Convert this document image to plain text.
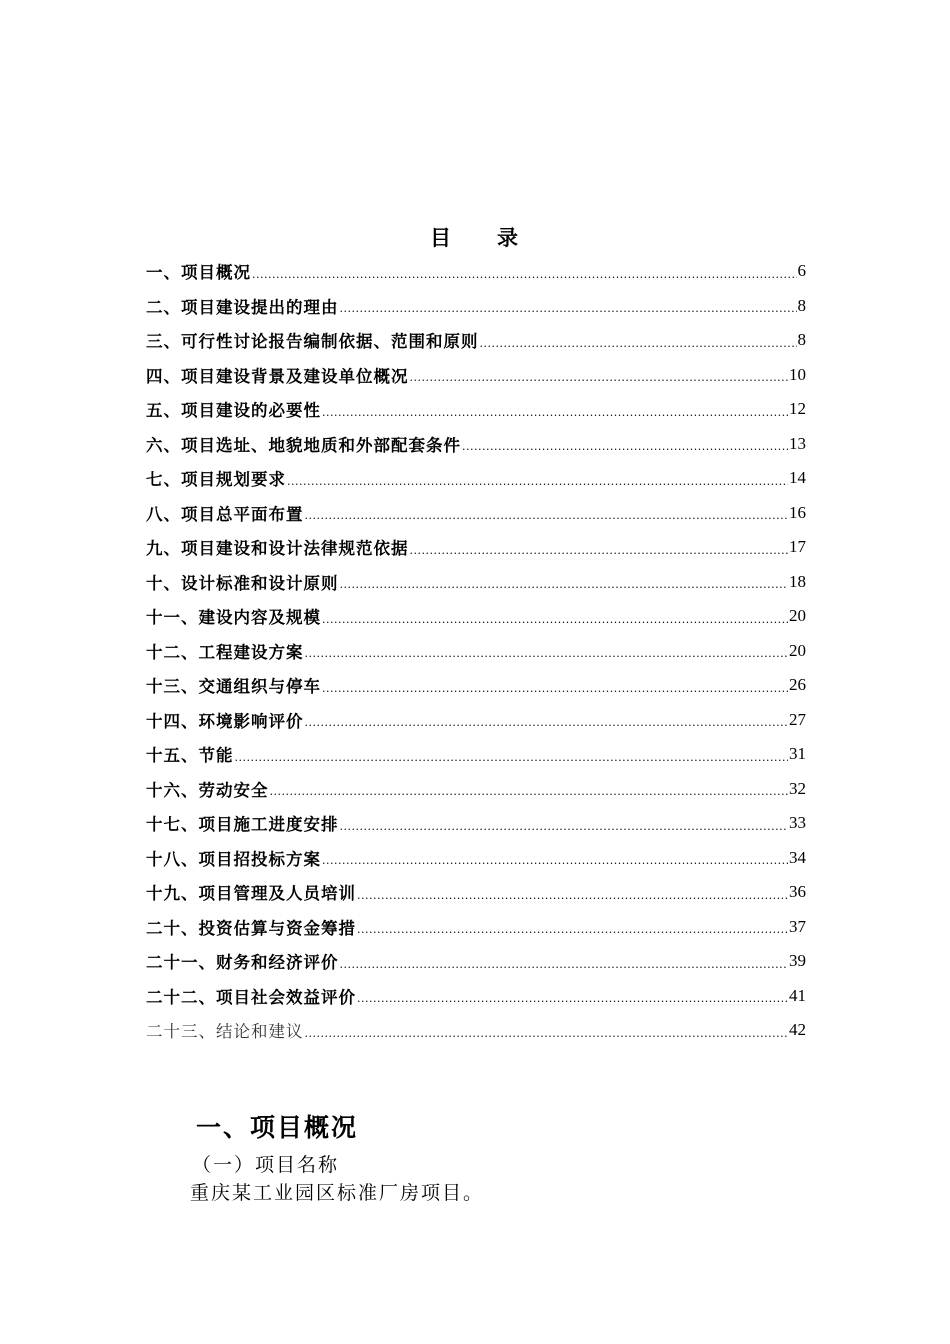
目 录
一、项目概况 .....	6
二、项目建设提出的理由 .....	8
三、可行性讨论报告编制依据、范围和原则 .....	8
四、项目建设背景及建设单位概况 .....	10
五、项目建设的必要性 .....	12
六、项目选址、地貌地质和外部配套条件 .....	13
七、项目规划要求 .....	14
八、项目总平面布置 .....	16
九、项目建设和设计法律规范依据 .....	17
十、设计标准和设计原则 .....	18
十一、建设内容及规模 .....	20
十二、工程建设方案 .....	20
十三、交通组织与停车 .....	26
十四、环境影响评价 .....	27
十五、节能 .....	31
十六、劳动安全 .....	32
十七、项目施工进度安排 .....	33
十八、项目招投标方案 .....	34
十九、项目管理及人员培训 .....	36
二十、投资估算与资金筹措 .....	37
二十一、财务和经济评价 .....	39
二十二、项目社会效益评价 .....	41
二十三、结论和建议 .....	42
一、项目概况
（一）项目名称
重庆某工业园区标准厂房项目。
